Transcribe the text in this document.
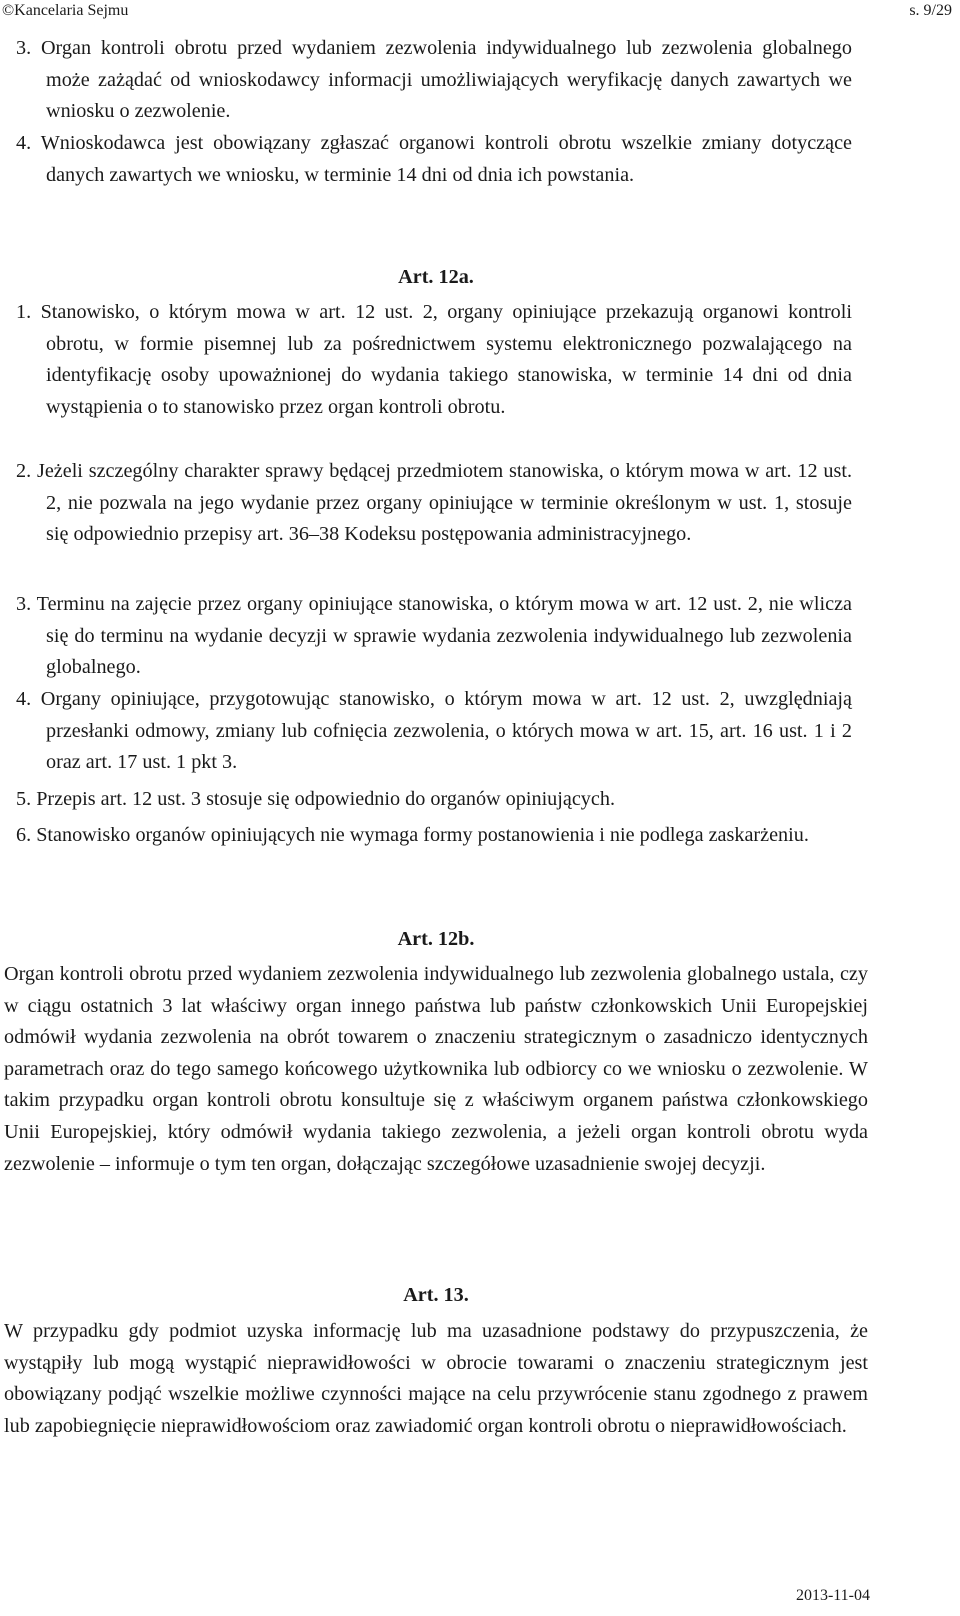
©Kancelaria Sejmu	s. 9/29
3. Organ kontroli obrotu przed wydaniem zezwolenia indywidualnego lub zezwolenia globalnego może zażądać od wnioskodawcy informacji umożliwiających weryfikację danych zawartych we wniosku o zezwolenie.
4. Wnioskodawca jest obowiązany zgłaszać organowi kontroli obrotu wszelkie zmiany dotyczące danych zawartych we wniosku, w terminie 14 dni od dnia ich powstania.
Art. 12a.
1. Stanowisko, o którym mowa w art. 12 ust. 2, organy opiniujące przekazują organowi kontroli obrotu, w formie pisemnej lub za pośrednictwem systemu elektronicznego pozwalającego na identyfikację osoby upoważnionej do wydania takiego stanowiska, w terminie 14 dni od dnia wystąpienia o to stanowisko przez organ kontroli obrotu.
2. Jeżeli szczególny charakter sprawy będącej przedmiotem stanowiska, o którym mowa w art. 12 ust. 2, nie pozwala na jego wydanie przez organy opiniujące w terminie określonym w ust. 1, stosuje się odpowiednio przepisy art. 36–38 Kodeksu postępowania administracyjnego.
3. Terminu na zajęcie przez organy opiniujące stanowiska, o którym mowa w art. 12 ust. 2, nie wlicza się do terminu na wydanie decyzji w sprawie wydania zezwolenia indywidualnego lub zezwolenia globalnego.
4. Organy opiniujące, przygotowując stanowisko, o którym mowa w art. 12 ust. 2, uwzględniają przesłanki odmowy, zmiany lub cofnięcia zezwolenia, o których mowa w art. 15, art. 16 ust. 1 i 2 oraz art. 17 ust. 1 pkt 3.
5. Przepis art. 12 ust. 3 stosuje się odpowiednio do organów opiniujących.
6. Stanowisko organów opiniujących nie wymaga formy postanowienia i nie podlega zaskarżeniu.
Art. 12b.
Organ kontroli obrotu przed wydaniem zezwolenia indywidualnego lub zezwolenia globalnego ustala, czy w ciągu ostatnich 3 lat właściwy organ innego państwa lub państw członkowskich Unii Europejskiej odmówił wydania zezwolenia na obrót towarem o znaczeniu strategicznym o zasadniczo identycznych parametrach oraz do tego samego końcowego użytkownika lub odbiorcy co we wniosku o zezwolenie. W takim przypadku organ kontroli obrotu konsultuje się z właściwym organem państwa członkowskiego Unii Europejskiej, który odmówił wydania takiego zezwolenia, a jeżeli organ kontroli obrotu wyda zezwolenie – informuje o tym ten organ, dołączając szczegółowe uzasadnienie swojej decyzji.
Art. 13.
W przypadku gdy podmiot uzyska informację lub ma uzasadnione podstawy do przypuszczenia, że wystąpiły lub mogą wystąpić nieprawidłowości w obrocie towarami o znaczeniu strategicznym jest obowiązany podjąć wszelkie możliwe czynności mające na celu przywrócenie stanu zgodnego z prawem lub zapobiegnięcie nieprawidłowościom oraz zawiadomić organ kontroli obrotu o nieprawidłowościach.
2013-11-04
